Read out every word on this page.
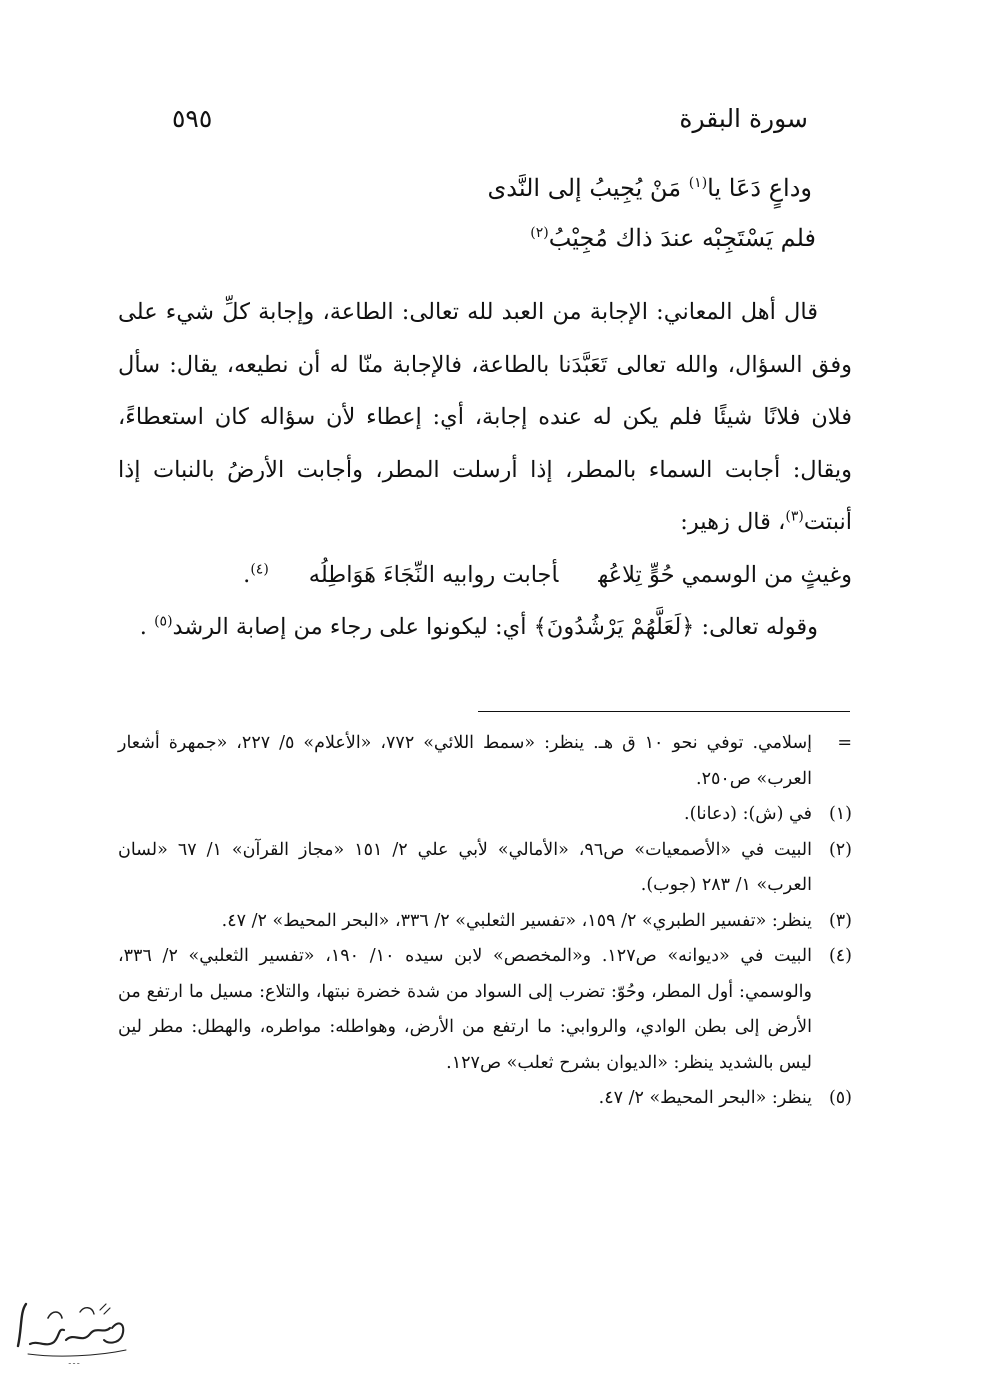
سورة البقرة
٥٩٥
وداعٍ دَعَا يا$^{(١)}$ مَنْ يُجِيبُ إلى النَّدى
فلم يَسْتَجِبْه عندَ ذاك مُجِيْبُ$^{(٢)}$

قال أهل المعاني: الإجابة من العبد لله تعالى: الطاعة، وإجابة كلِّ شيء على وفق السؤال، والله تعالى تَعَبَّدَنا بالطاعة، فالإجابة منّا له أن نطيعه، يقال: سأل فلان فلانًا شيئًا فلم يكن له عنده إجابة، أي: إعطاء لأن سؤاله كان استعطاءً، ويقال: أجابت السماء بالمطر، إذا أرسلت المطر، وأجابت الأرضُ بالنبات إذا أنبتت$^{(٣)}$، قال زهير:

وغيثٍ من الوسمي حُوٍّ تِلاعُهأجابت روابيه النِّجَاءَ هَوَاطِلُه$^{(٤)}$.

وقوله تعالى: ﴿لَعَلَّهُمْ يَرْشُدُونَ﴾ أي: ليكونوا على رجاء من إصابة الرشد$^{(٥)}$ .

=
إسلامي. توفي نحو ١٠ ق هـ. ينظر: «سمط اللائي» ٧٧٢، «الأعلام» ٥/ ٢٢٧، «جمهرة أشعار العرب» ص٢٥٠.
(١)
في (ش): (دعانا).
(٢)
البيت في «الأصمعيات» ص٩٦، «الأمالي» لأبي علي ٢/ ١٥١ «مجاز القرآن» ١/ ٦٧ «لسان العرب» ١/ ٢٨٣ (جوب).
(٣)
ينظر: «تفسير الطبري» ٢/ ١٥٩، «تفسير الثعلبي» ٢/ ٣٣٦، «البحر المحيط» ٢/ ٤٧.
(٤)
البيت في «ديوانه» ص١٢٧. و«المخصص» لابن سيده ١٠/ ١٩٠، «تفسير الثعلبي» ٢/ ٣٣٦، والوسمي: أول المطر، وحُوّ: تضرب إلى السواد من شدة خضرة نبتها، والتلاع: مسيل ما ارتفع من الأرض إلى بطن الوادي، والروابي: ما ارتفع من الأرض، وهواطله: مواطره، والهطل: مطر لين ليس بالشديد ينظر: «الديوان بشرح ثعلب» ص١٢٧.
(٥)
ينظر: «البحر المحيط» ٢/ ٤٧.
ـ ـ ـ
